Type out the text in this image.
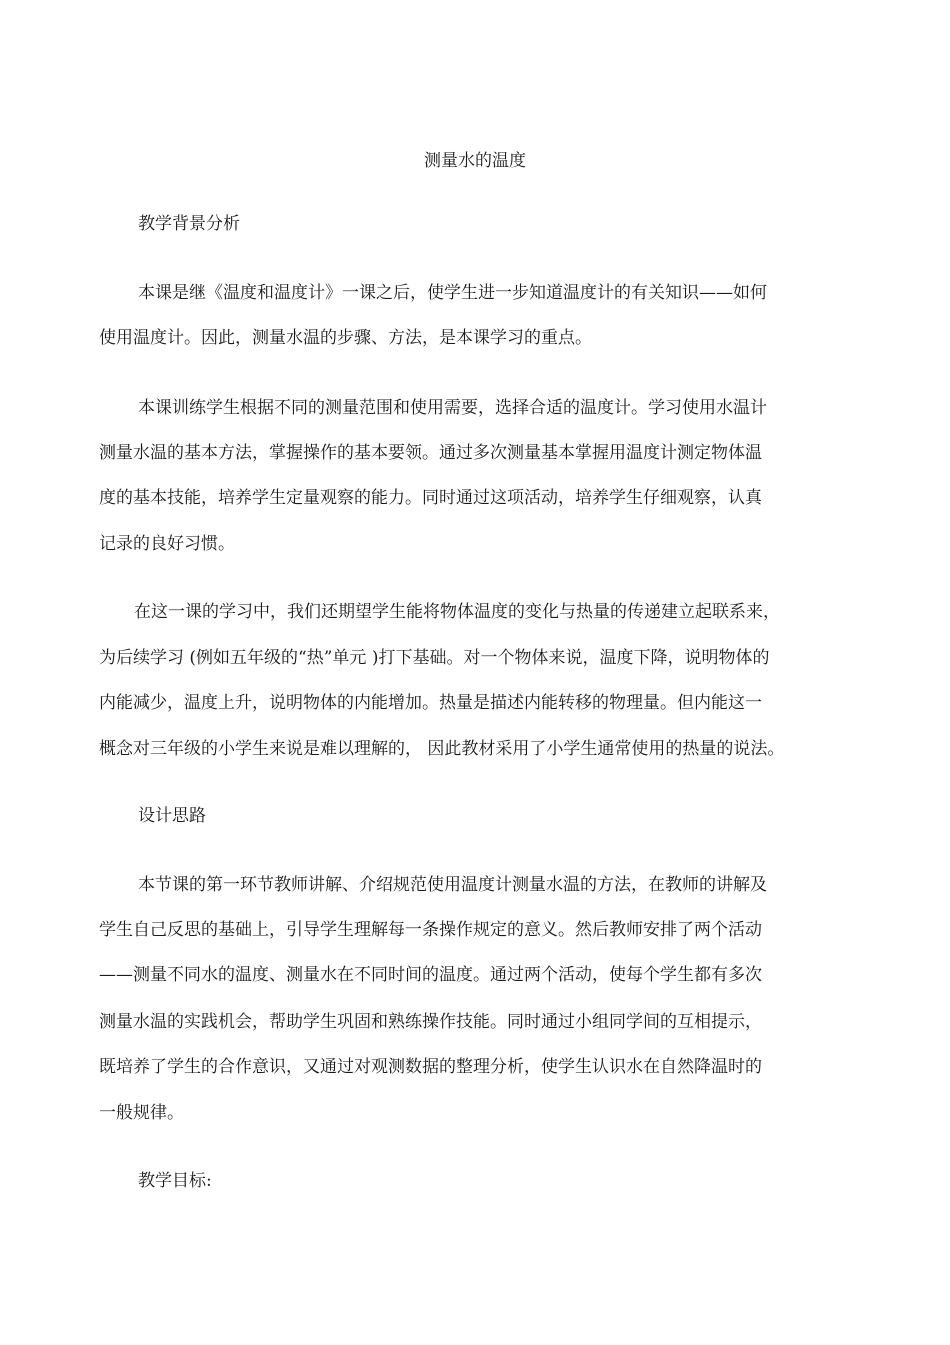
测量水的温度
教学背景分析
本课是继《温度和温度计》一课之后，使学生进一步知道温度计的有关知识——如何
使用温度计。因此，测量水温的步骤、方法，是本课学习的重点。
本课训练学生根据不同的测量范围和使用需要，选择合适的温度计。学习使用水温计
测量水温的基本方法，掌握操作的基本要领。通过多次测量基本掌握用温度计测定物体温
度的基本技能，培养学生定量观察的能力。同时通过这项活动，培养学生仔细观察，认真
记录的良好习惯。
在这一课的学习中，我们还期望学生能将物体温度的变化与热量的传递建立起联系来，
为后续学习 (例如五年级的“热”单元 )打下基础。对一个物体来说，温度下降，说明物体的
内能减少，温度上升，说明物体的内能增加。热量是描述内能转移的物理量。但内能这一
概念对三年级的小学生来说是难以理解的， 因此教材采用了小学生通常使用的热量的说法。
设计思路
本节课的第一环节教师讲解、介绍规范使用温度计测量水温的方法，在教师的讲解及
学生自己反思的基础上，引导学生理解每一条操作规定的意义。然后教师安排了两个活动
——测量不同水的温度、测量水在不同时间的温度。通过两个活动，使每个学生都有多次
测量水温的实践机会，帮助学生巩固和熟练操作技能。同时通过小组同学间的互相提示，
既培养了学生的合作意识，又通过对观测数据的整理分析，使学生认识水在自然降温时的
一般规律。
教学目标:
